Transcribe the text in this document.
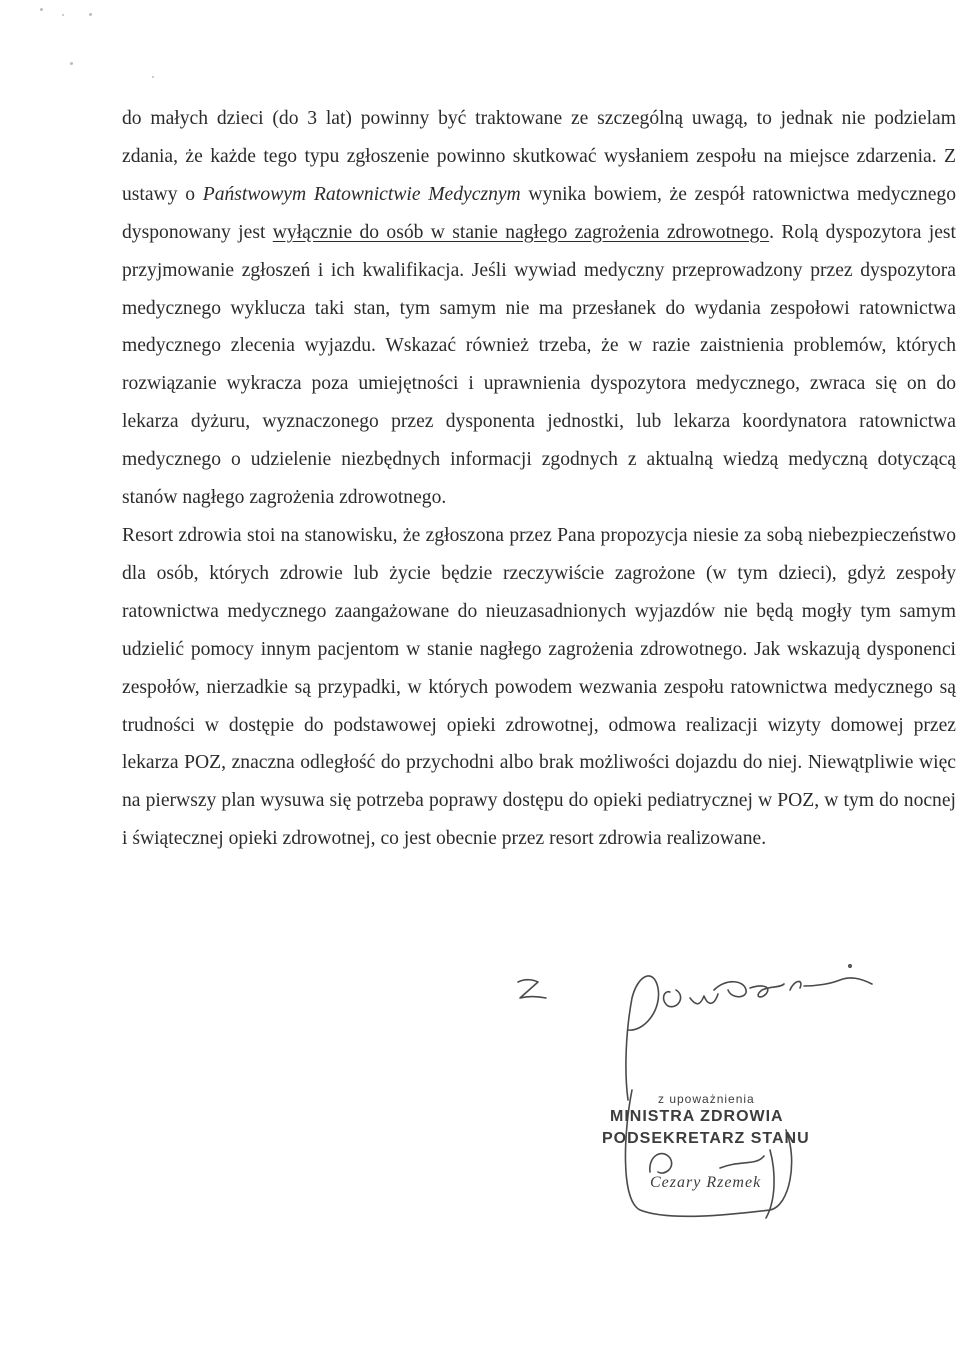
do małych dzieci (do 3 lat) powinny być traktowane ze szczególną uwagą, to jednak nie podzielam zdania, że każde tego typu zgłoszenie powinno skutkować wysłaniem zespołu na miejsce zdarzenia. Z ustawy o Państwowym Ratownictwie Medycznym wynika bowiem, że zespół ratownictwa medycznego dysponowany jest wyłącznie do osób w stanie nagłego zagrożenia zdrowotnego. Rolą dyspozytora jest przyjmowanie zgłoszeń i ich kwalifikacja. Jeśli wywiad medyczny przeprowadzony przez dyspozytora medycznego wyklucza taki stan, tym samym nie ma przesłanek do wydania zespołowi ratownictwa medycznego zlecenia wyjazdu. Wskazać również trzeba, że w razie zaistnienia problemów, których rozwiązanie wykracza poza umiejętności i uprawnienia dyspozytora medycznego, zwraca się on do lekarza dyżuru, wyznaczonego przez dysponenta jednostki, lub lekarza koordynatora ratownictwa medycznego o udzielenie niezbędnych informacji zgodnych z aktualną wiedzą medyczną dotyczącą stanów nagłego zagrożenia zdrowotnego.

Resort zdrowia stoi na stanowisku, że zgłoszona przez Pana propozycja niesie za sobą niebezpieczeństwo dla osób, których zdrowie lub życie będzie rzeczywiście zagrożone (w tym dzieci), gdyż zespoły ratownictwa medycznego zaangażowane do nieuzasadnionych wyjazdów nie będą mogły tym samym udzielić pomocy innym pacjentom w stanie nagłego zagrożenia zdrowotnego. Jak wskazują dysponenci zespołów, nierzadkie są przypadki, w których powodem wezwania zespołu ratownictwa medycznego są trudności w dostępie do podstawowej opieki zdrowotnej, odmowa realizacji wizyty domowej przez lekarza POZ, znaczna odległość do przychodni albo brak możliwości dojazdu do niej. Niewątpliwie więc na pierwszy plan wysuwa się potrzeba poprawy dostępu do opieki pediatrycznej w POZ, w tym do nocnej i świątecznej opieki zdrowotnej, co jest obecnie przez resort zdrowia realizowane.

z upoważnienia
MINISTRA ZDROWIA
PODSEKRETARZ STANU
Cezary Rzemek
